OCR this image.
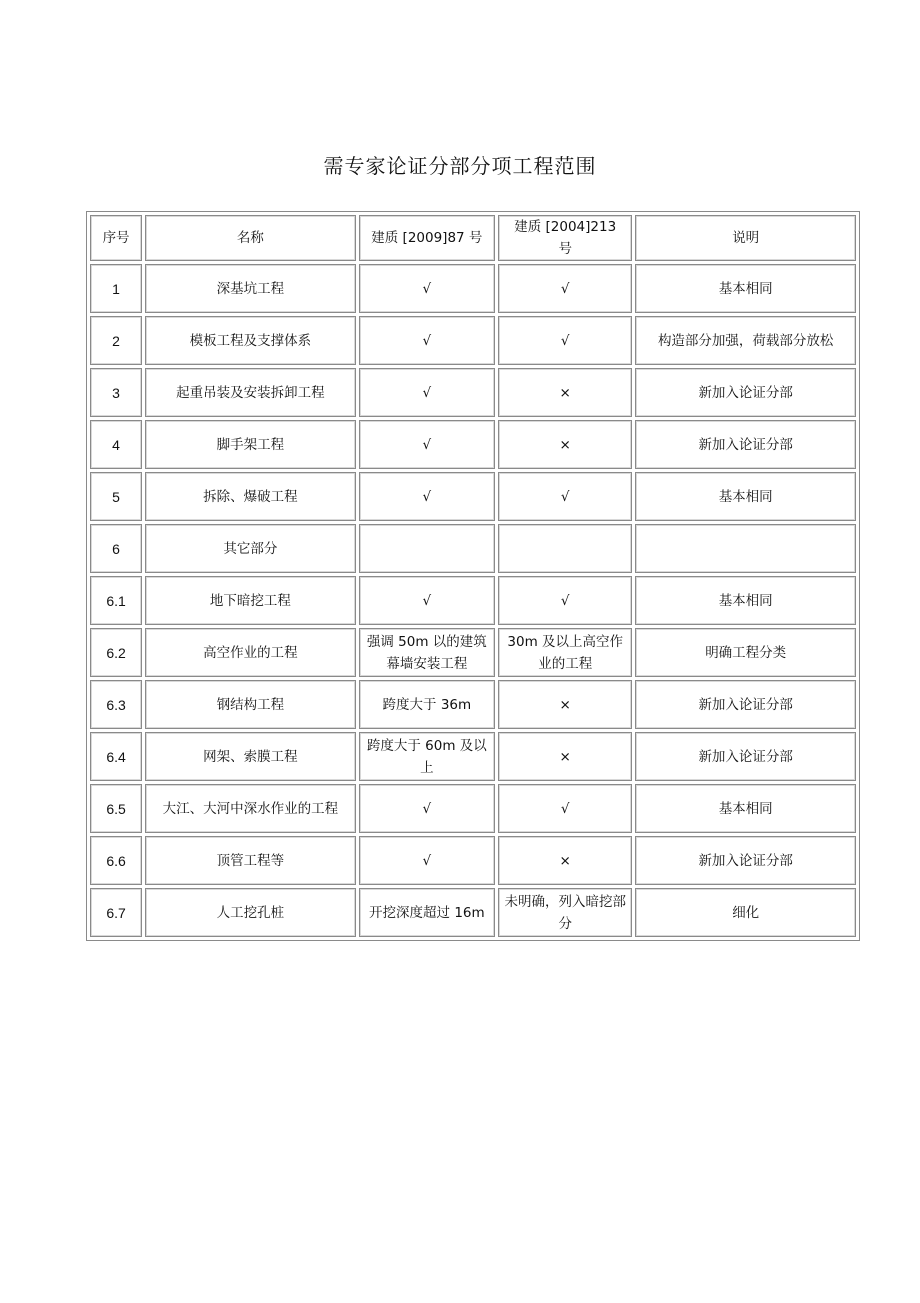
需专家论证分部分项工程范围
序号	名称	建质 [2009]87 号	建质 [2004]213　号	说明
1	深基坑工程	√	√	基本相同
2	模板工程及支撑体系	√	√	构造部分加强，荷载部分放松
3	起重吊装及安装拆卸工程	√	×	新加入论证分部
4	脚手架工程	√	×	新加入论证分部
5	拆除、爆破工程	√	√	基本相同
6	其它部分			
6.1	地下暗挖工程	√	√	基本相同
6.2	高空作业的工程	强调 50m 以的建筑幕墙安装工程	30m 及以上高空作业的工程	明确工程分类
6.3	钢结构工程	跨度大于 36m	×	新加入论证分部
6.4	网架、索膜工程	跨度大于 60m 及以上	×	新加入论证分部
6.5	大江、大河中深水作业的工程	√	√	基本相同
6.6	顶管工程等	√	×	新加入论证分部
6.7	人工挖孔桩	开挖深度超过 16m	未明确，列入暗挖部分	细化
